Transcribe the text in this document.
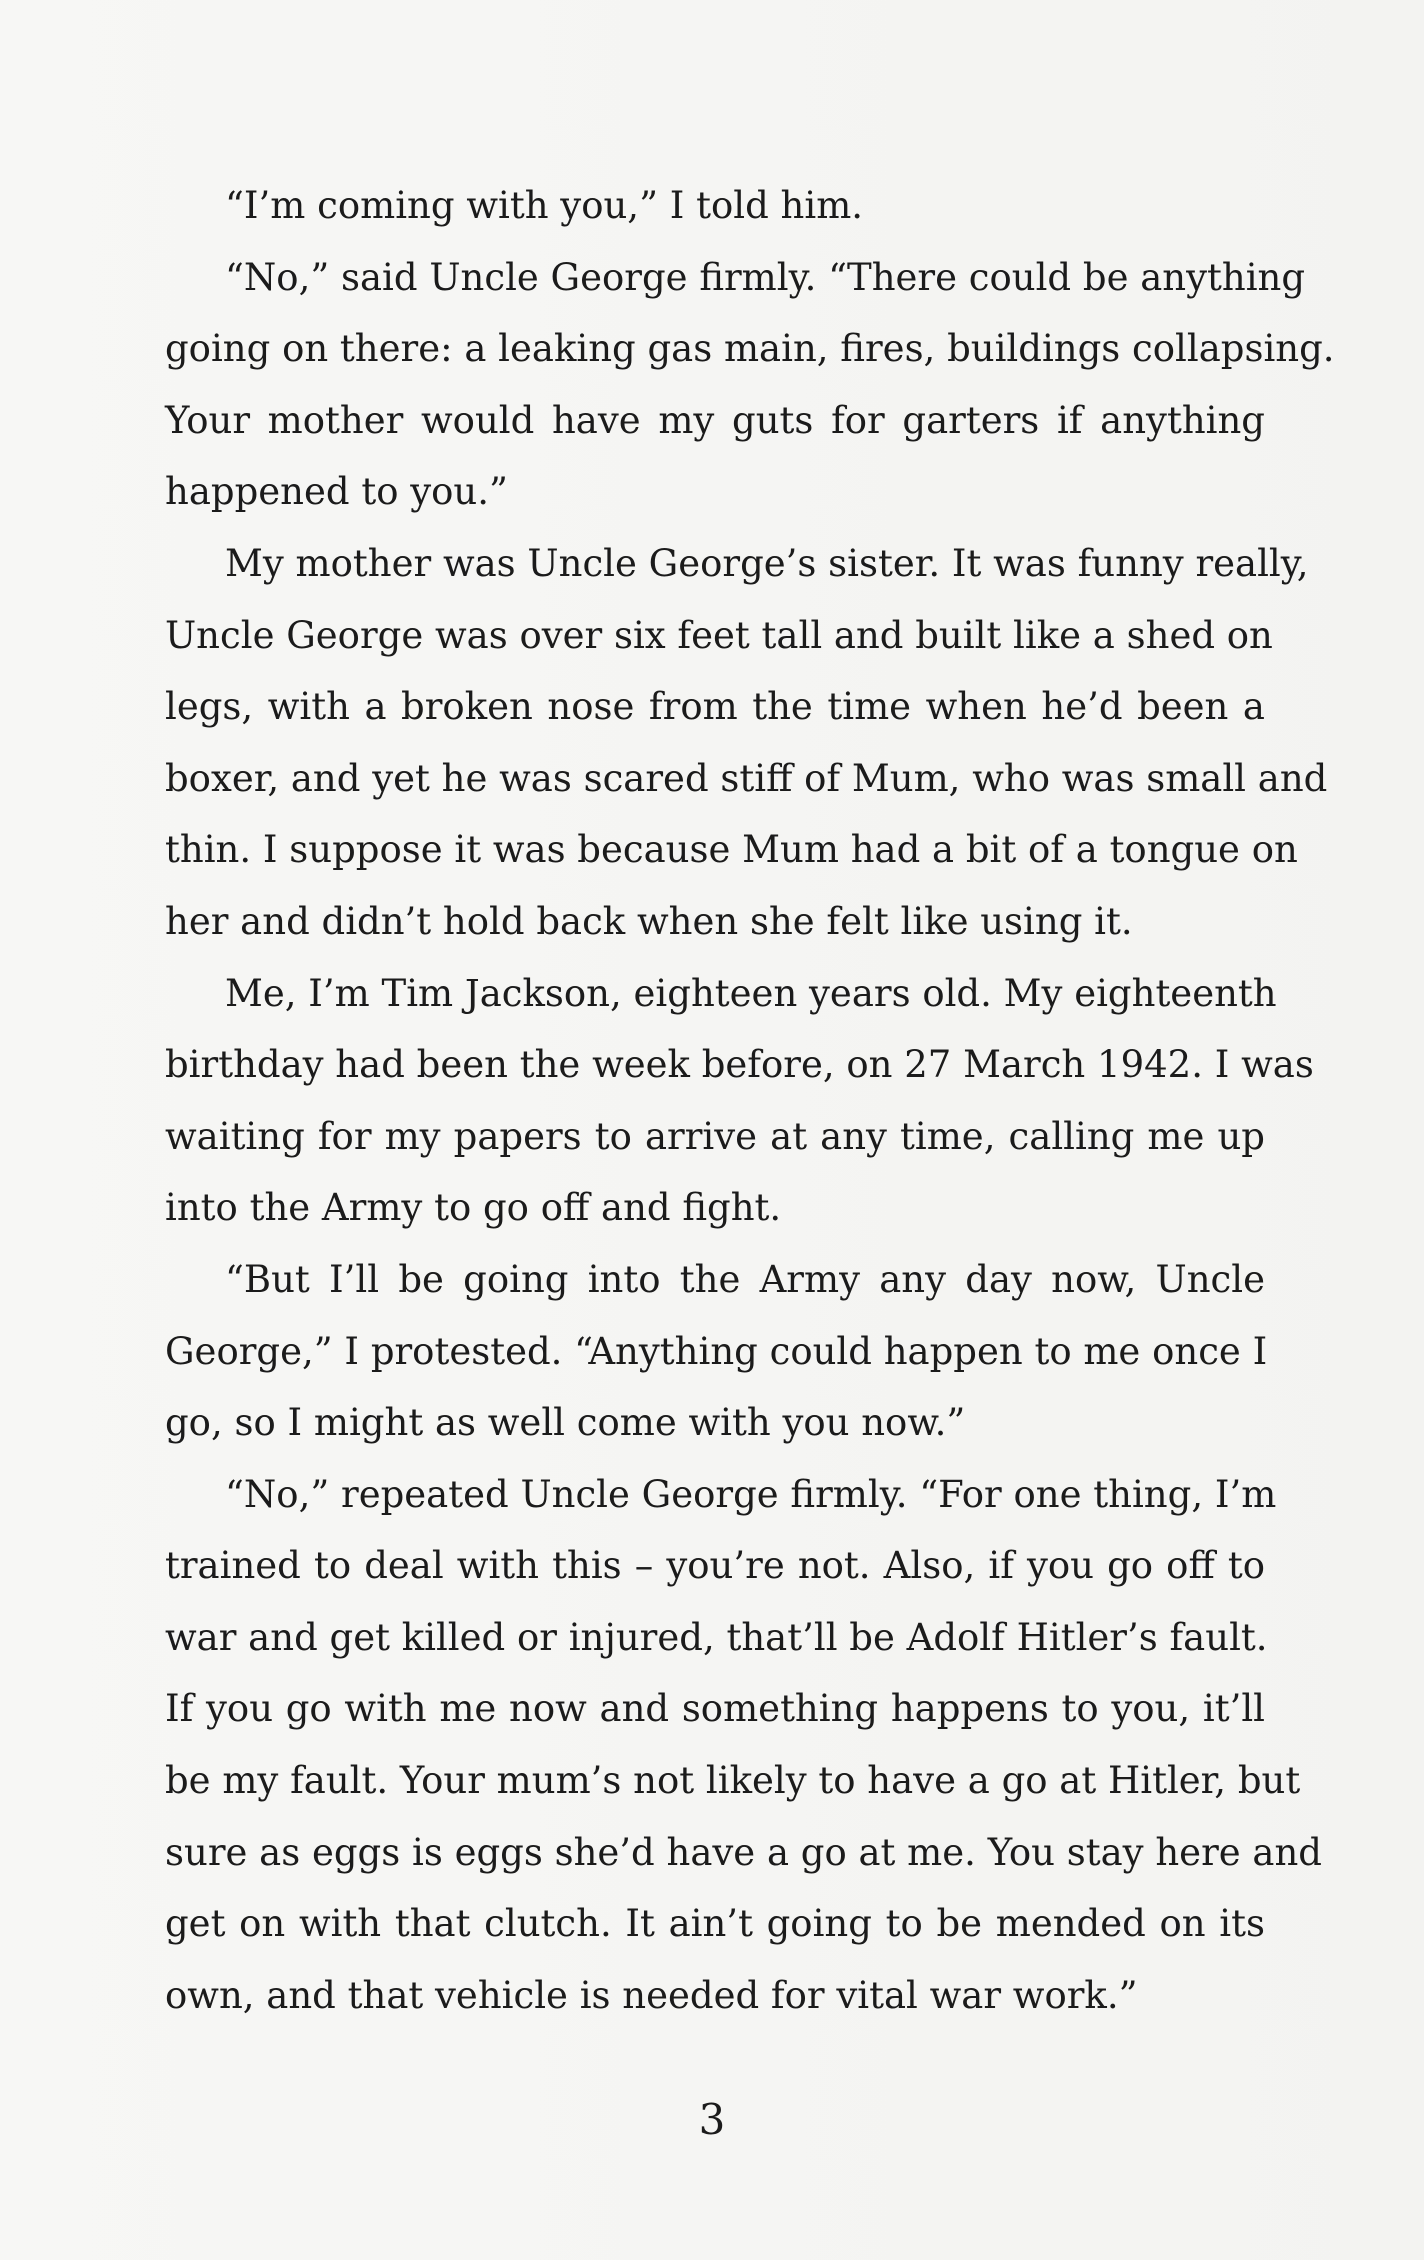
“I’m coming with you,” I told him.
“No,” said Uncle George firmly. “There could be anything
going on there: a leaking gas main, fires, buildings collapsing.
Your mother would have my guts for garters if anything
happened to you.”
My mother was Uncle George’s sister. It was funny really,
Uncle George was over six feet tall and built like a shed on
legs, with a broken nose from the time when he’d been a
boxer, and yet he was scared stiff of Mum, who was small and
thin. I suppose it was because Mum had a bit of a tongue on
her and didn’t hold back when she felt like using it.
Me, I’m Tim Jackson, eighteen years old. My eighteenth
birthday had been the week before, on 27 March 1942. I was
waiting for my papers to arrive at any time, calling me up
into the Army to go off and fight.
“But I’ll be going into the Army any day now, Uncle
George,” I protested. “Anything could happen to me once I
go, so I might as well come with you now.”
“No,” repeated Uncle George firmly. “For one thing, I’m
trained to deal with this – you’re not. Also, if you go off to
war and get killed or injured, that’ll be Adolf Hitler’s fault.
If you go with me now and something happens to you, it’ll
be my fault. Your mum’s not likely to have a go at Hitler, but
sure as eggs is eggs she’d have a go at me. You stay here and
get on with that clutch. It ain’t going to be mended on its
own, and that vehicle is needed for vital war work.”
3
